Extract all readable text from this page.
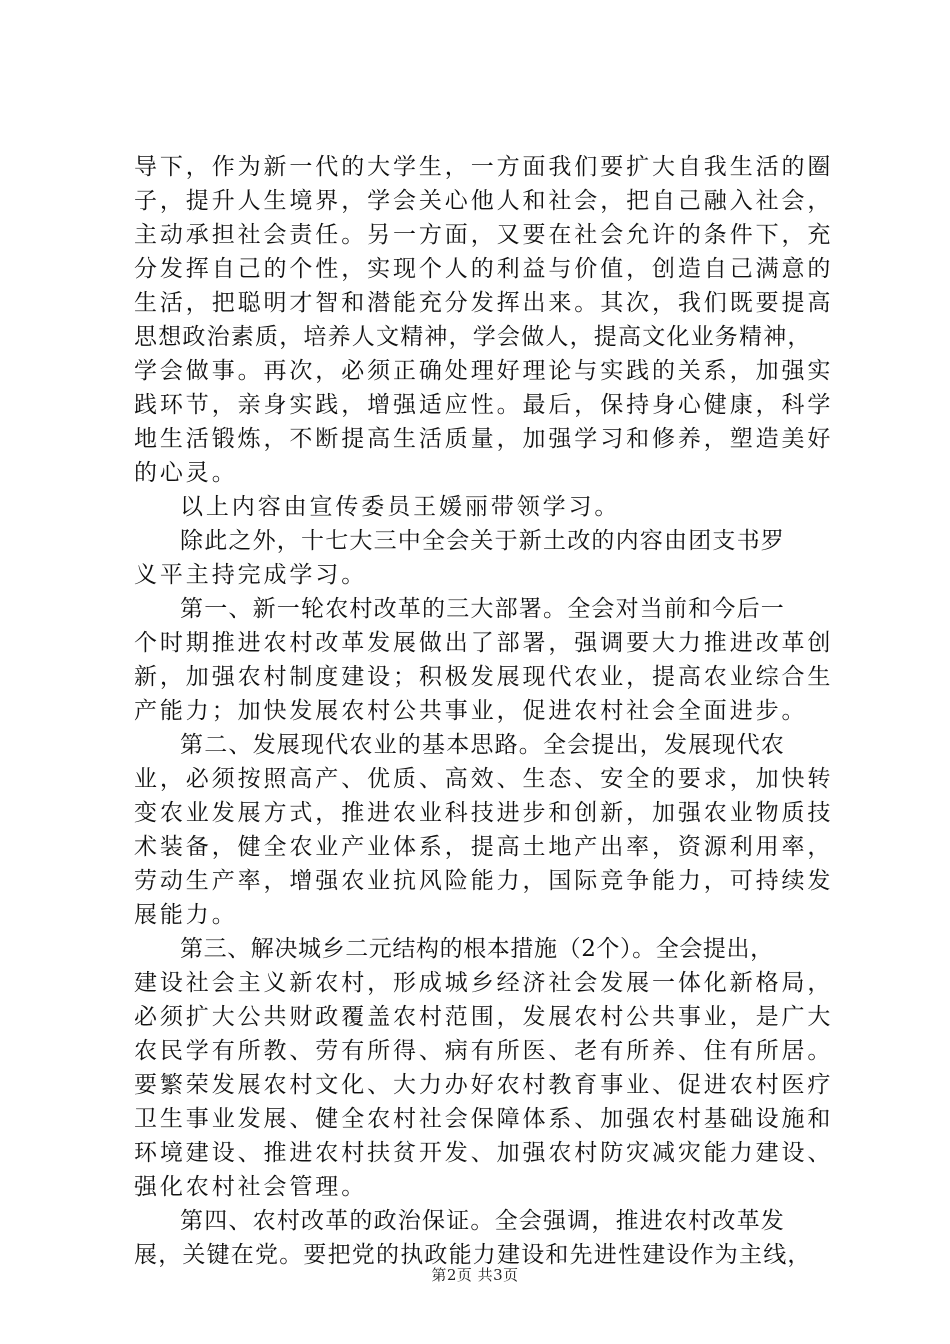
导下，作为新一代的大学生，一方面我们要扩大自我生活的圈

子，提升人生境界，学会关心他人和社会，把自己融入社会，

主动承担社会责任。另一方面，又要在社会允许的条件下，充

分发挥自己的个性，实现个人的利益与价值，创造自己满意的

生活，把聪明才智和潜能充分发挥出来。其次，我们既要提高

思想政治素质，培养人文精神，学会做人，提高文化业务精神，

学会做事。再次，必须正确处理好理论与实践的关系，加强实

践环节，亲身实践，增强适应性。最后，保持身心健康，科学

地生活锻炼，不断提高生活质量，加强学习和修养，塑造美好

的心灵。

以上内容由宣传委员王媛丽带领学习。

除此之外，十七大三中全会关于新土改的内容由团支书罗

义平主持完成学习。

第一、新一轮农村改革的三大部署。全会对当前和今后一

个时期推进农村改革发展做出了部署，强调要大力推进改革创

新，加强农村制度建设；积极发展现代农业，提高农业综合生

产能力；加快发展农村公共事业，促进农村社会全面进步。

第二、发展现代农业的基本思路。全会提出，发展现代农

业，必须按照高产、优质、高效、生态、安全的要求，加快转

变农业发展方式，推进农业科技进步和创新，加强农业物质技

术装备，健全农业产业体系，提高土地产出率，资源利用率，

劳动生产率，增强农业抗风险能力，国际竞争能力，可持续发

展能力。

第三、解决城乡二元结构的根本措施（2个）。全会提出，

建设社会主义新农村，形成城乡经济社会发展一体化新格局，

必须扩大公共财政覆盖农村范围，发展农村公共事业，是广大

农民学有所教、劳有所得、病有所医、老有所养、住有所居。

要繁荣发展农村文化、大力办好农村教育事业、促进农村医疗

卫生事业发展、健全农村社会保障体系、加强农村基础设施和

环境建设、推进农村扶贫开发、加强农村防灾减灾能力建设、

强化农村社会管理。

第四、农村改革的政治保证。全会强调，推进农村改革发

展，关键在党。要把党的执政能力建设和先进性建设作为主线，

第2页 共3页
